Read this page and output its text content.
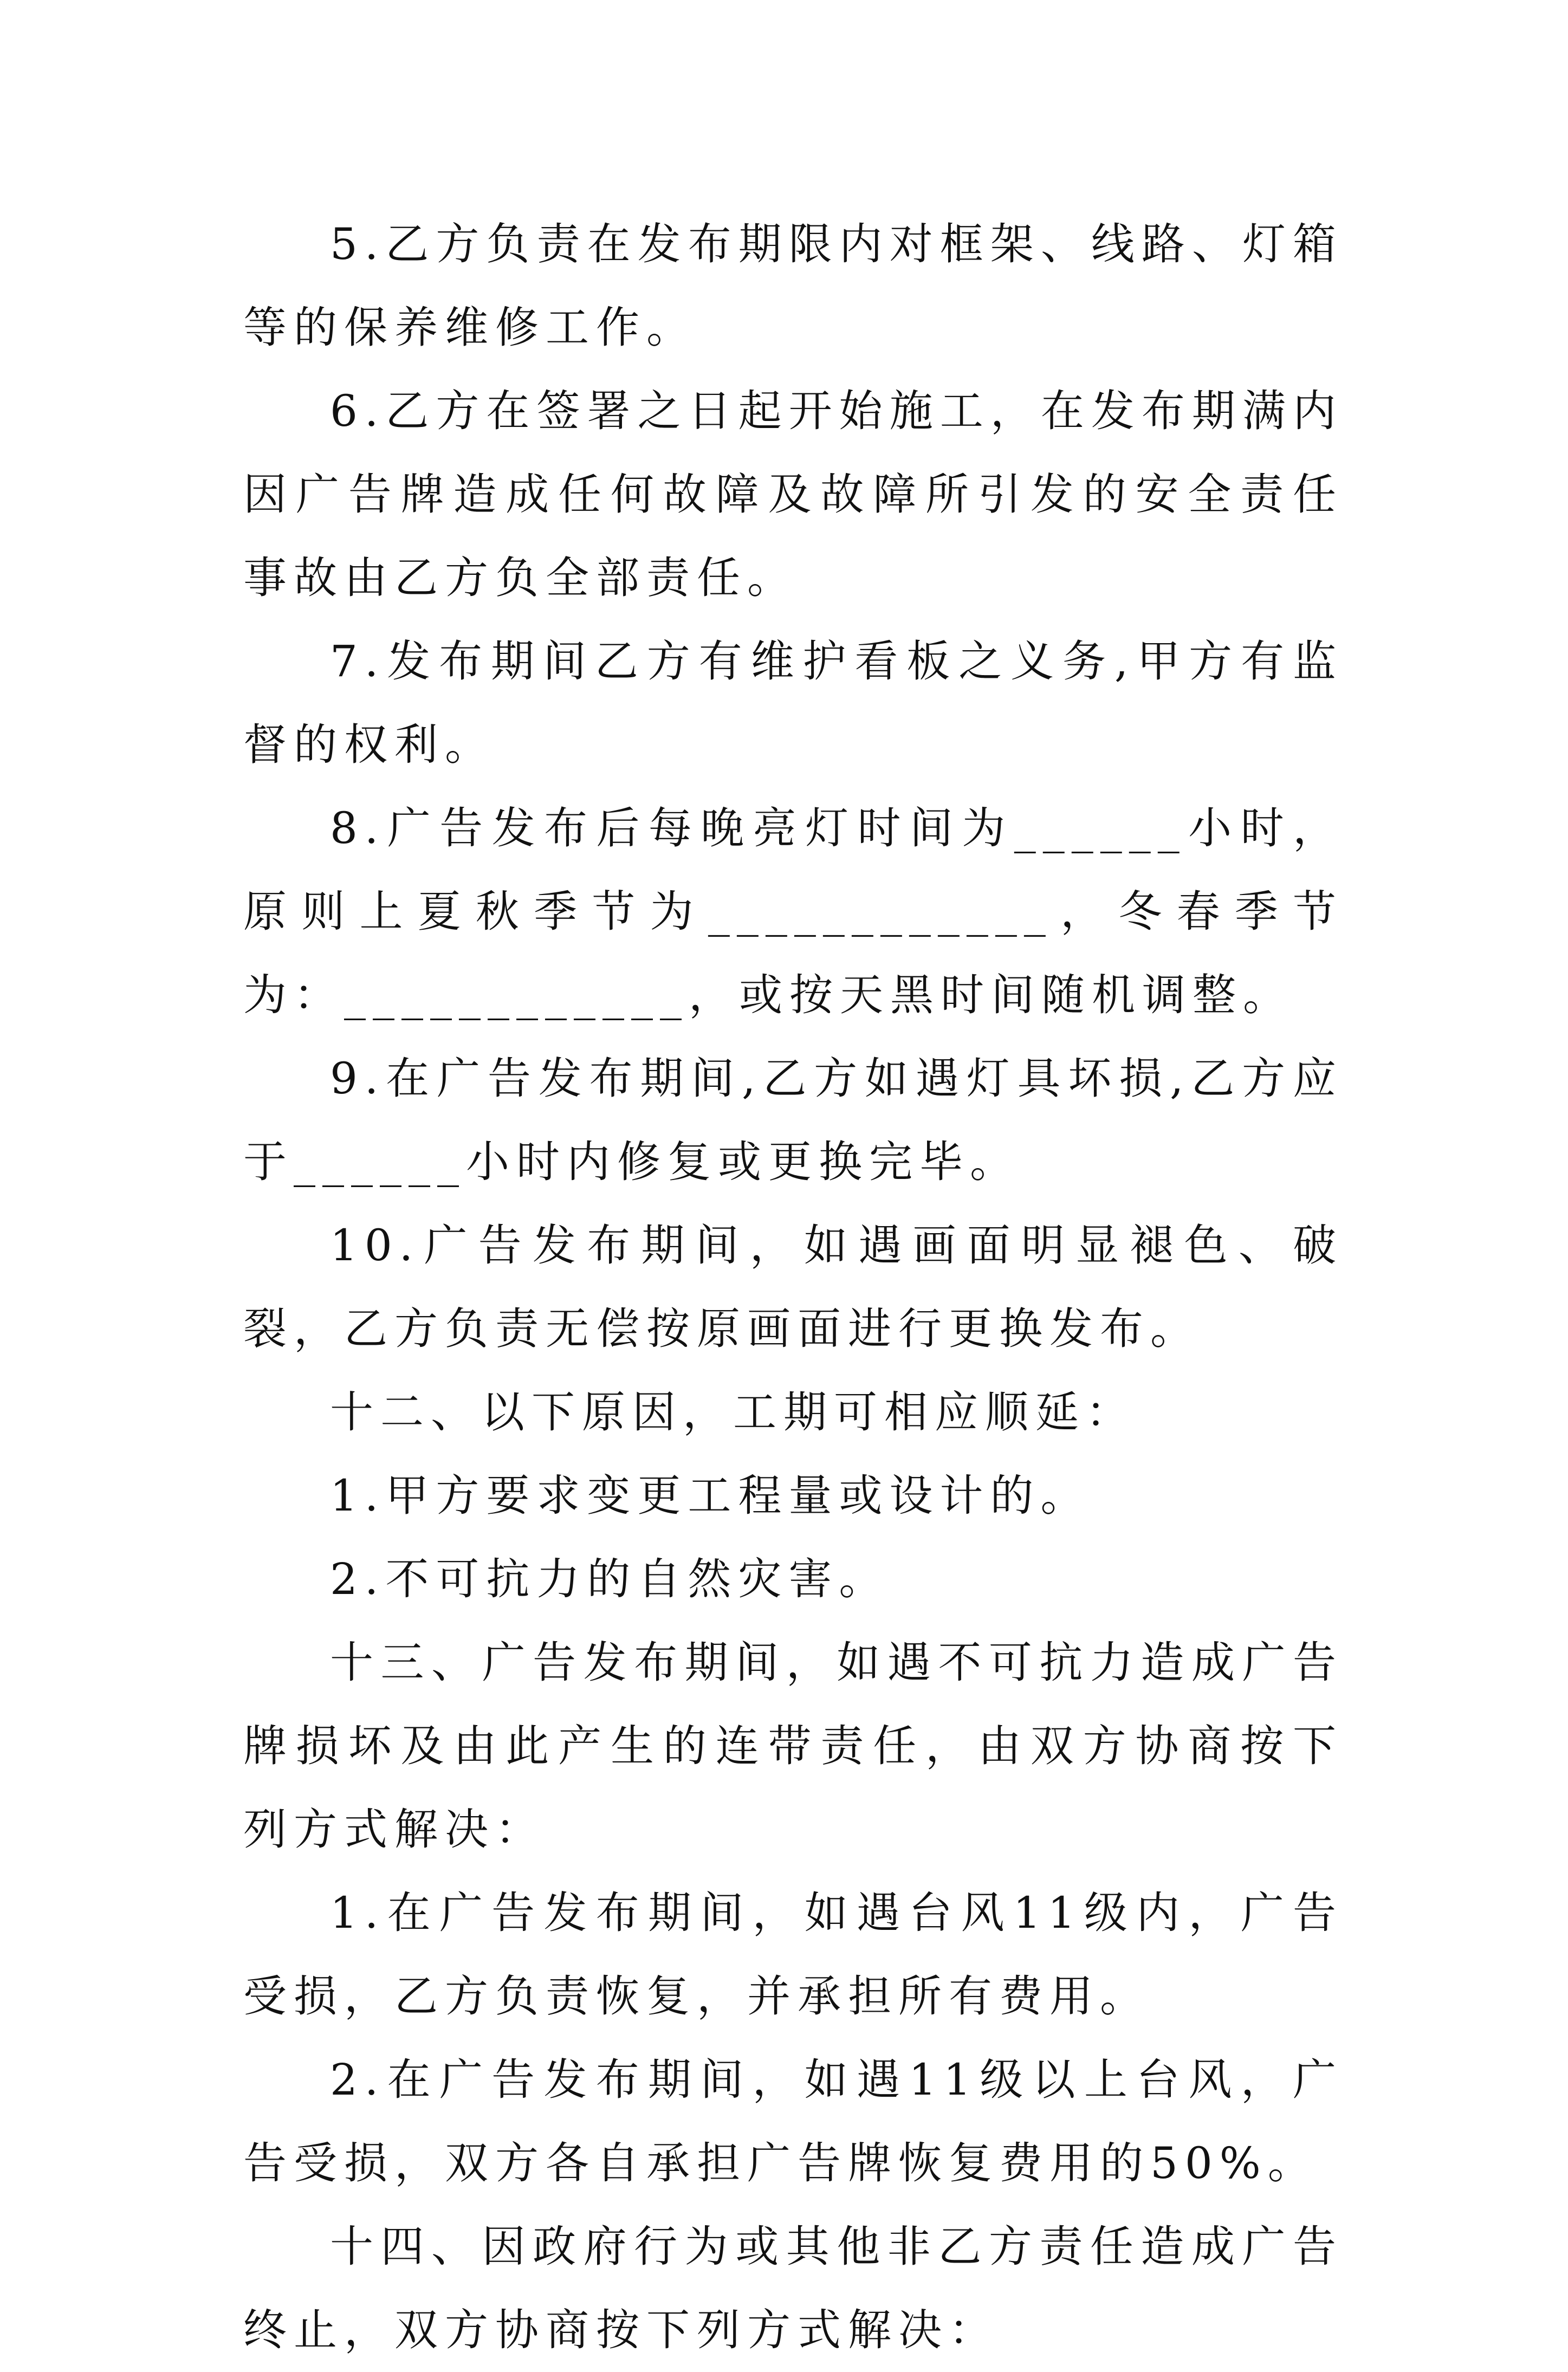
5.乙方负责在发布期限内对框架、线路、灯箱等的保养维修工作。

6.乙方在签署之日起开始施工，在发布期满内因广告牌造成任何故障及故障所引发的安全责任事故由乙方负全部责任。

7.发布期间乙方有维护看板之义务,甲方有监督的权利。

8.广告发布后每晚亮灯时间为______小时，原则上夏秋季节为____________，冬春季节为：____________，或按天黑时间随机调整。

9.在广告发布期间,乙方如遇灯具坏损,乙方应于______小时内修复或更换完毕。

10.广告发布期间，如遇画面明显褪色、破裂，乙方负责无偿按原画面进行更换发布。

十二、以下原因，工期可相应顺延：

1.甲方要求变更工程量或设计的。

2.不可抗力的自然灾害。

十三、广告发布期间，如遇不可抗力造成广告牌损坏及由此产生的连带责任，由双方协商按下列方式解决：

1.在广告发布期间，如遇台风11级内，广告受损，乙方负责恢复，并承担所有费用。

2.在广告发布期间，如遇11级以上台风，广告受损，双方各自承担广告牌恢复费用的50%。

十四、因政府行为或其他非乙方责任造成广告终止，双方协商按下列方式解决：
